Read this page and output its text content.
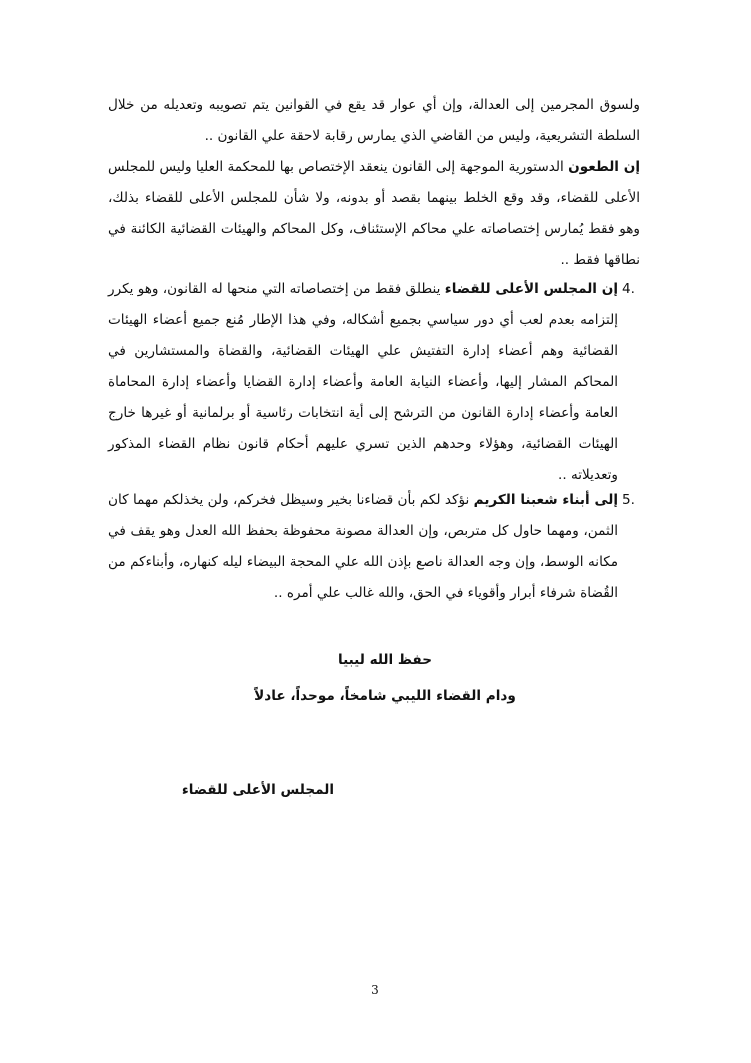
ولسوق المجرمين إلى العدالة، وإن أي عوار قد يقع في القوانين يتم تصويبه وتعديله من خلال السلطة التشريعية، وليس من القاضي الذي يمارس رقابة لاحقة علي القانون ..
إن الطعون الدستورية الموجهة إلى القانون ينعقد الإختصاص بها للمحكمة العليا وليس للمجلس الأعلى للقضاء، وقد وقع الخلط بينهما بقصد أو بدونه، ولا شأن للمجلس الأعلى للقضاء بذلك، وهو فقط يُمارس إختصاصاته علي محاكم الإستئناف، وكل المحاكم والهيئات القضائية الكائنة في نطاقها فقط ..
4.
إن المجلس الأعلى للقضاء ينطلق فقط من إختصاصاته التي منحها له القانون، وهو يكرر إلتزامه بعدم لعب أي دور سياسي بجميع أشكاله، وفي هذا الإطار مُنع جميع أعضاء الهيئات القضائية وهم أعضاء إدارة التفتيش علي الهيئات القضائية، والقضاة والمستشارين في المحاكم المشار إليها، وأعضاء النيابة العامة وأعضاء إدارة القضايا وأعضاء إدارة المحاماة العامة وأعضاء إدارة القانون من الترشح إلى أية انتخابات رئاسية أو برلمانية أو غيرها خارج الهيئات القضائية، وهؤلاء وحدهم الذين تسري عليهم أحكام قانون نظام القضاء المذكور وتعديلاته ..
5.
إلى أبناء شعبنا الكريم نؤكد لكم بأن قضاءنا بخير وسيظل فخركم، ولن يخذلكم مهما كان الثمن، ومهما حاول كل متربص، وإن العدالة مصونة محفوظة بحفظ الله العدل وهو يقف في مكانه الوسط، وإن وجه العدالة ناصع بإذن الله علي المحجة البيضاء ليله كنهاره، وأبناءكم من القُضاة شرفاء أبرار وأقوياء في الحق، والله غالب علي أمره ..
حفظ الله ليبيا
ودام القضاء الليبي شامخاً، موحداً، عادلاً
المجلس الأعلى للقضاء
3
